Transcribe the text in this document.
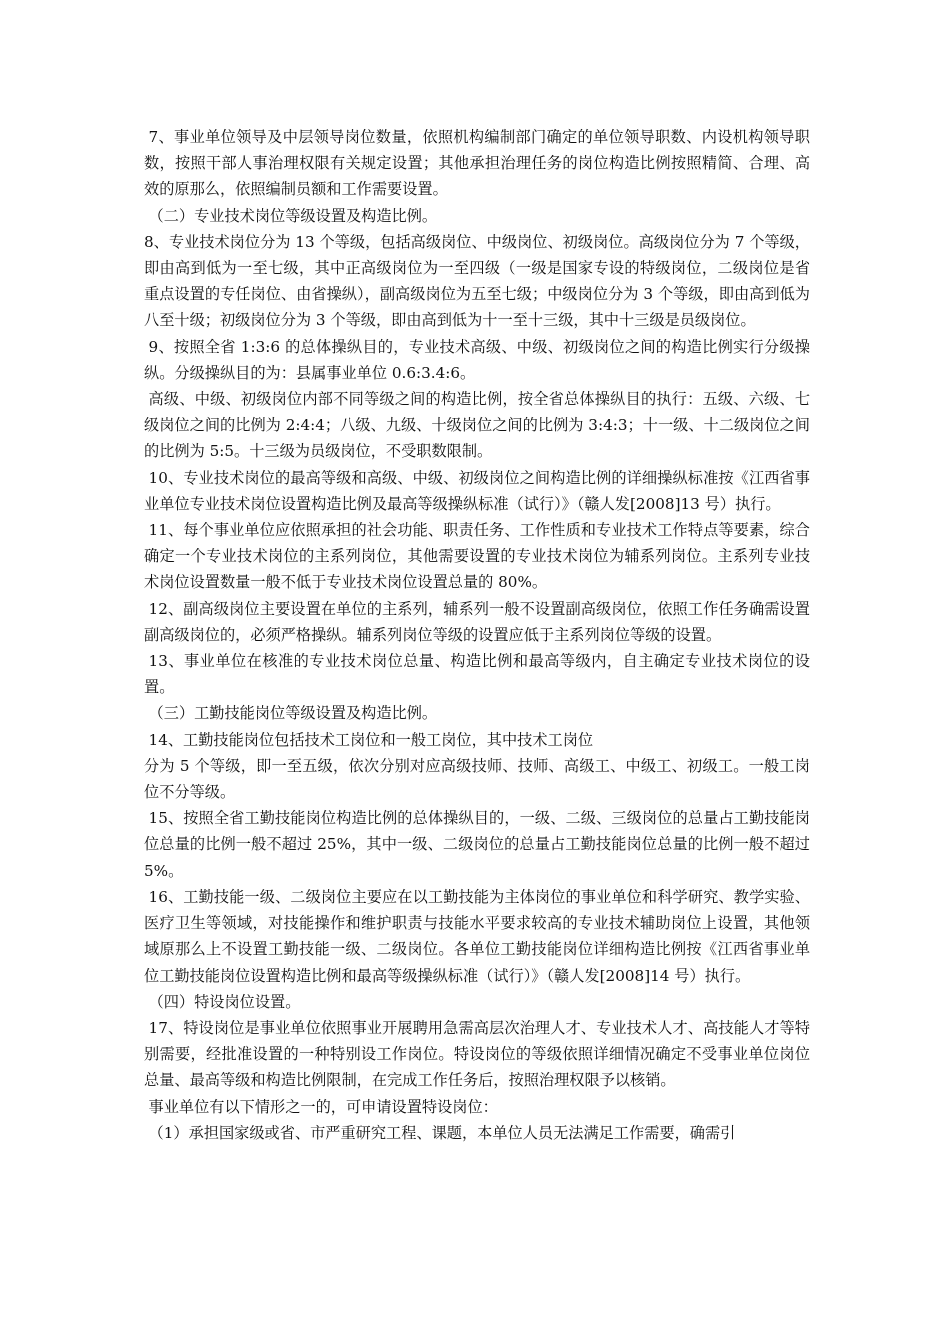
7、事业单位领导及中层领导岗位数量，依照机构编制部门确定的单位领导职数、内设机构领导职数，按照干部人事治理权限有关规定设置；其他承担治理任务的岗位构造比例按照精简、合理、高效的原那么，依照编制员额和工作需要设置。

（二）专业技术岗位等级设置及构造比例。

8、专业技术岗位分为 13 个等级，包括高级岗位、中级岗位、初级岗位。高级岗位分为 7 个等级，即由高到低为一至七级，其中正高级岗位为一至四级（一级是国家专设的特级岗位，二级岗位是省重点设置的专任岗位、由省操纵），副高级岗位为五至七级；中级岗位分为 3 个等级，即由高到低为八至十级；初级岗位分为 3 个等级，即由高到低为十一至十三级，其中十三级是员级岗位。

9、按照全省 1:3:6 的总体操纵目的，专业技术高级、中级、初级岗位之间的构造比例实行分级操纵。分级操纵目的为：县属事业单位 0.6:3.4:6。

高级、中级、初级岗位内部不同等级之间的构造比例，按全省总体操纵目的执行：五级、六级、七级岗位之间的比例为 2:4:4；八级、九级、十级岗位之间的比例为 3:4:3；十一级、十二级岗位之间的比例为 5:5。十三级为员级岗位，不受职数限制。

10、专业技术岗位的最高等级和高级、中级、初级岗位之间构造比例的详细操纵标准按《江西省事业单位专业技术岗位设置构造比例及最高等级操纵标准（试行）》（赣人发[2008]13 号）执行。

11、每个事业单位应依照承担的社会功能、职责任务、工作性质和专业技术工作特点等要素，综合确定一个专业技术岗位的主系列岗位，其他需要设置的专业技术岗位为辅系列岗位。主系列专业技术岗位设置数量一般不低于专业技术岗位设置总量的 80%。

12、副高级岗位主要设置在单位的主系列，辅系列一般不设置副高级岗位，依照工作任务确需设置副高级岗位的，必须严格操纵。辅系列岗位等级的设置应低于主系列岗位等级的设置。

13、事业单位在核准的专业技术岗位总量、构造比例和最高等级内，自主确定专业技术岗位的设置。

（三）工勤技能岗位等级设置及构造比例。

14、工勤技能岗位包括技术工岗位和一般工岗位，其中技术工岗位

分为 5 个等级，即一至五级，依次分别对应高级技师、技师、高级工、中级工、初级工。一般工岗位不分等级。

15、按照全省工勤技能岗位构造比例的总体操纵目的，一级、二级、三级岗位的总量占工勤技能岗位总量的比例一般不超过 25%，其中一级、二级岗位的总量占工勤技能岗位总量的比例一般不超过 5%。

16、工勤技能一级、二级岗位主要应在以工勤技能为主体岗位的事业单位和科学研究、教学实验、医疗卫生等领域，对技能操作和维护职责与技能水平要求较高的专业技术辅助岗位上设置，其他领域原那么上不设置工勤技能一级、二级岗位。各单位工勤技能岗位详细构造比例按《江西省事业单位工勤技能岗位设置构造比例和最高等级操纵标准（试行）》（赣人发[2008]14 号）执行。

（四）特设岗位设置。

17、特设岗位是事业单位依照事业开展聘用急需高层次治理人才、专业技术人才、高技能人才等特别需要，经批准设置的一种特别设工作岗位。特设岗位的等级依照详细情况确定不受事业单位岗位总量、最高等级和构造比例限制，在完成工作任务后，按照治理权限予以核销。

事业单位有以下情形之一的，可申请设置特设岗位：

（1）承担国家级或省、市严重研究工程、课题，本单位人员无法满足工作需要，确需引
